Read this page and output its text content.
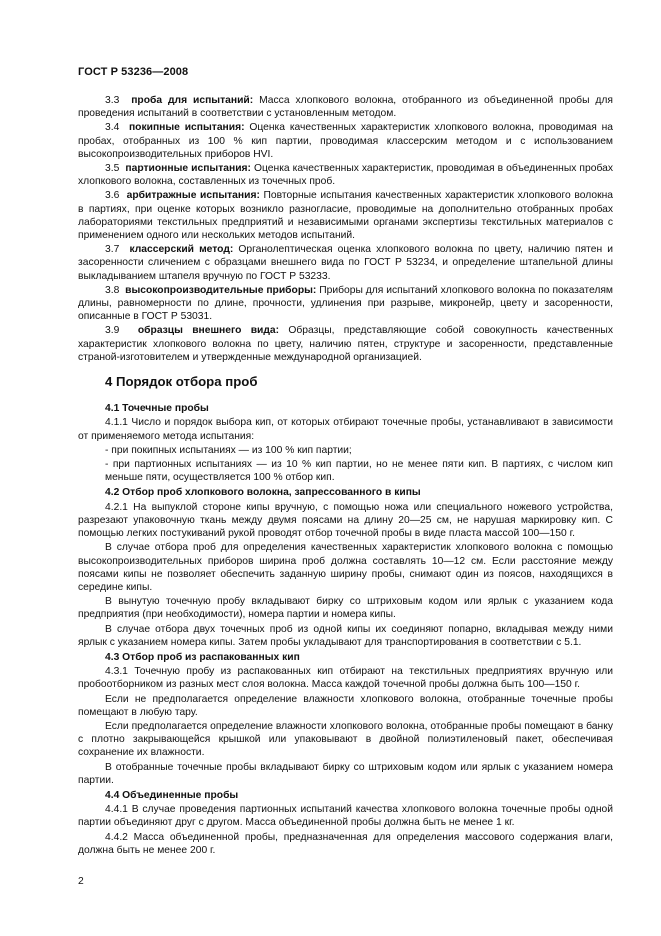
ГОСТ Р 53236—2008

3.3 проба для испытаний: Масса хлопкового волокна, отобранного из объединенной пробы для проведения испытаний в соответствии с установленным методом.

3.4 покипные испытания: Оценка качественных характеристик хлопкового волокна, проводимая на пробах, отобранных из 100 % кип партии, проводимая классерским методом и с использованием высокопроизводительных приборов HVI.

3.5 партионные испытания: Оценка качественных характеристик, проводимая в объединенных пробах хлопкового волокна, составленных из точечных проб.

3.6 арбитражные испытания: Повторные испытания качественных характеристик хлопкового волокна в партиях, при оценке которых возникло разногласие, проводимые на дополнительно отобранных пробах лабораториями текстильных предприятий и независимыми органами экспертизы текстильных материалов с применением одного или нескольких методов испытаний.

3.7 классерский метод: Органолептическая оценка хлопкового волокна по цвету, наличию пятен и засоренности сличением с образцами внешнего вида по ГОСТ Р 53234, и определение штапельной длины выкладыванием штапеля вручную по ГОСТ Р 53233.

3.8 высокопроизводительные приборы: Приборы для испытаний хлопкового волокна по показателям длины, равномерности по длине, прочности, удлинения при разрыве, микронейр, цвету и засоренности, описанные в ГОСТ Р 53031.

3.9 образцы внешнего вида: Образцы, представляющие собой совокупность качественных характеристик хлопкового волокна по цвету, наличию пятен, структуре и засоренности, представленные страной-изготовителем и утвержденные международной организацией.

4 Порядок отбора проб

4.1 Точечные пробы

4.1.1 Число и порядок выбора кип, от которых отбирают точечные пробы, устанавливают в зависимости от применяемого метода испытания:

- при покипных испытаниях — из 100 % кип партии;

- при партионных испытаниях — из 10 % кип партии, но не менее пяти кип. В партиях, с числом кип меньше пяти, осуществляется 100 % отбор кип.

4.2 Отбор проб хлопкового волокна, запрессованного в кипы

4.2.1 На выпуклой стороне кипы вручную, с помощью ножа или специального ножевого устройства, разрезают упаковочную ткань между двумя поясами на длину 20—25 см, не нарушая маркировку кип. С помощью легких постукиваний рукой проводят отбор точечной пробы в виде пласта массой 100—150 г.

В случае отбора проб для определения качественных характеристик хлопкового волокна с помощью высокопроизводительных приборов ширина проб должна составлять 10—12 см. Если расстояние между поясами кипы не позволяет обеспечить заданную ширину пробы, снимают один из поясов, находящихся в середине кипы.

В вынутую точечную пробу вкладывают бирку со штриховым кодом или ярлык с указанием кода предприятия (при необходимости), номера партии и номера кипы.

В случае отбора двух точечных проб из одной кипы их соединяют попарно, вкладывая между ними ярлык с указанием номера кипы. Затем пробы укладывают для транспортирования в соответствии с 5.1.

4.3 Отбор проб из распакованных кип

4.3.1 Точечную пробу из распакованных кип отбирают на текстильных предприятиях вручную или пробоотборником из разных мест слоя волокна. Масса каждой точечной пробы должна быть 100—150 г.

Если не предполагается определение влажности хлопкового волокна, отобранные точечные пробы помещают в любую тару.

Если предполагается определение влажности хлопкового волокна, отобранные пробы помещают в банку с плотно закрывающейся крышкой или упаковывают в двойной полиэтиленовый пакет, обеспечивая сохранение их влажности.

В отобранные точечные пробы вкладывают бирку со штриховым кодом или ярлык с указанием номера партии.

4.4 Объединенные пробы

4.4.1 В случае проведения партионных испытаний качества хлопкового волокна точечные пробы одной партии объединяют друг с другом. Масса объединенной пробы должна быть не менее 1 кг.

4.4.2 Масса объединенной пробы, предназначенная для определения массового содержания влаги, должна быть не менее 200 г.

2
